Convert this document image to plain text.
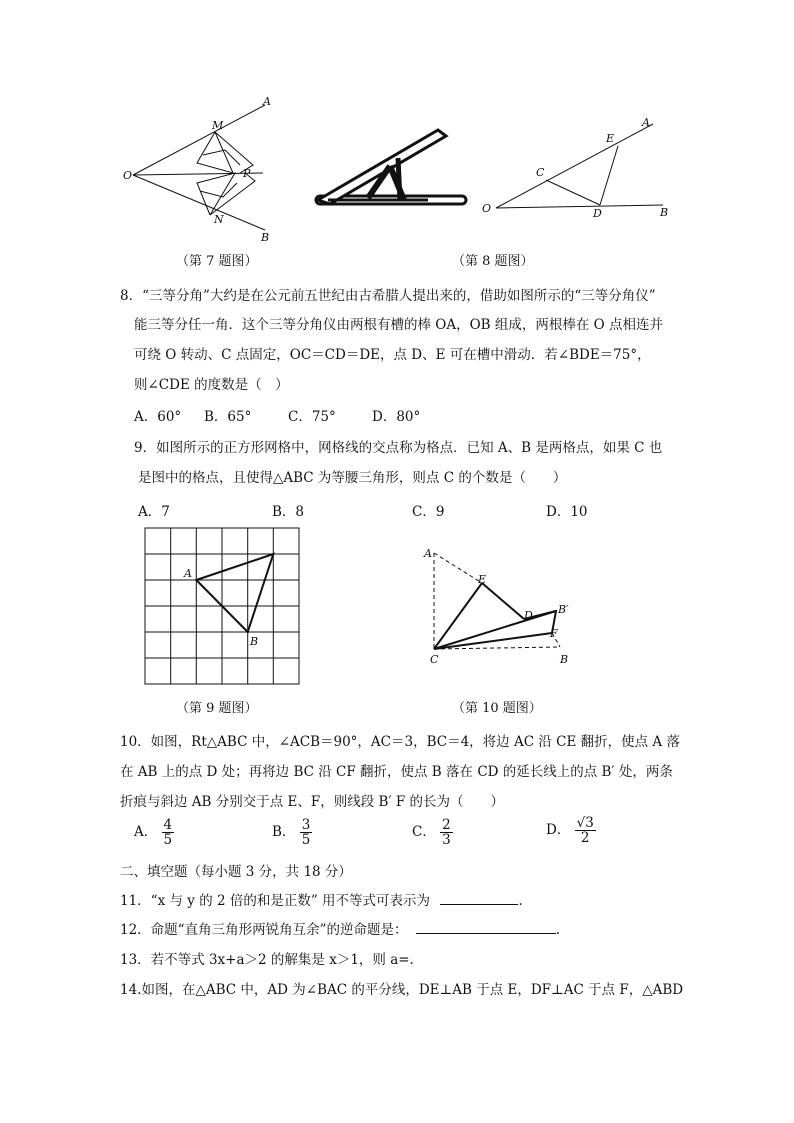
O
A
M
P
N
B
E
A
C
O	D	B
（第 7 题图）	（第 8 题图）
8．“三等分角”大约是在公元前五世纪由古希腊人提出来的，借助如图所示的“三等分角仪”
能三等分任一角．这个三等分角仪由两根有槽的棒 OA，OB 组成，两根棒在 O 点相连并
可绕 O 转动、C 点固定，OC＝CD＝DE，点 D、E 可在槽中滑动．若∠BDE＝75°，
则∠CDE 的度数是（　）
A．60° B．65°	C．75°	D．80°
9．如图所示的正方形网格中，网格线的交点称为格点．已知 A、B 是两格点，如果 C 也
是图中的格点，且使得△ABC 为等腰三角形，则点 C 的个数是（　　）
A．7	B．8	C．9	D．10
A
B
A
E
D B′
F
C	B
（第 9 题图）	（第 10 题图）
10．如图，Rt△ABC 中，∠ACB＝90°，AC＝3，BC＝4，将边 AC 沿 CE 翻折，使点 A 落
在 AB 上的点 D 处；再将边 BC 沿 CF 翻折，使点 B 落在 CD 的延长线上的点 B′ 处，两条
折痕与斜边 AB 分别交于点 E、F，则线段 B′ F 的长为（　　）
A． $\frac{4}{5}$	B． $\frac{3}{5}$	C． $\frac{2}{3}$	D． $\frac{√3}{2}$
二、填空题（每小题 3 分，共 18 分）
11．“x 与 y 的 2 倍的和是正数” 用不等式可表示为	.
12．命题“直角三角形两锐角互余”的逆命题是：	.
13．若不等式 3x+a＞2 的解集是 x＞1，则 a=.
14.如图，在△ABC 中，AD 为∠BAC 的平分线，DE⊥AB 于点 E，DF⊥AC 于点 F，△ABD
